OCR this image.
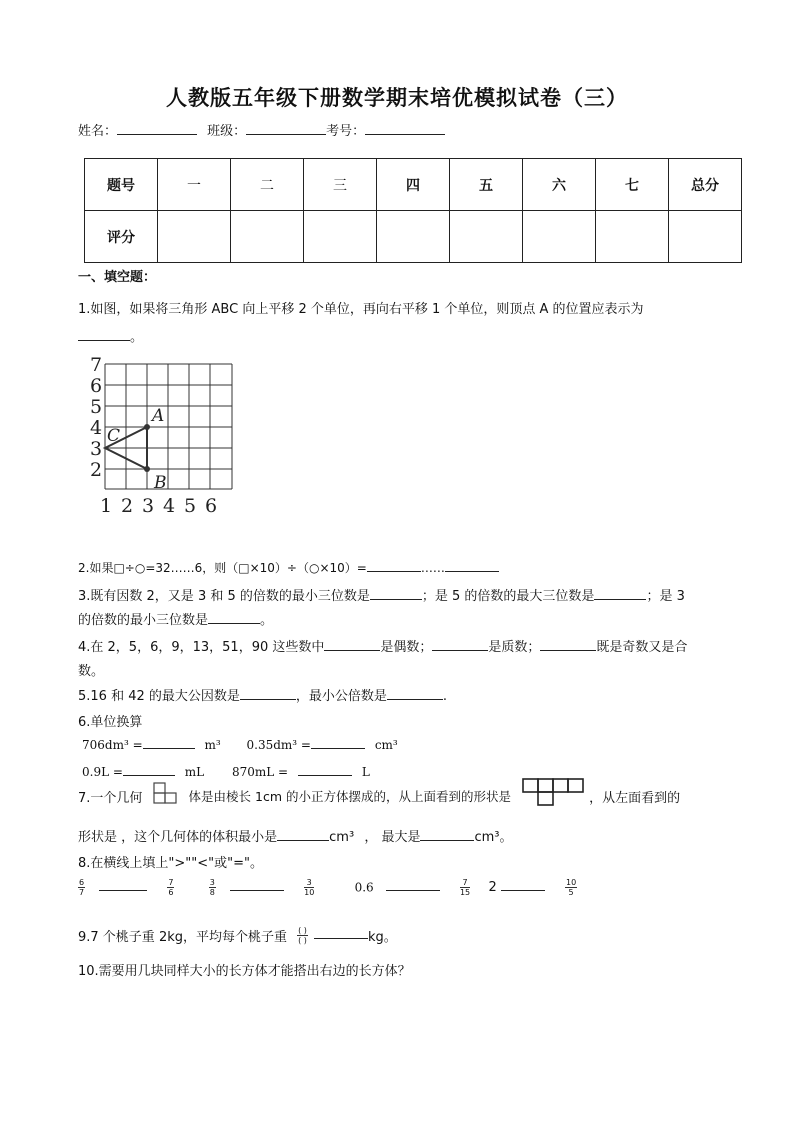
人教版五年级下册数学期末培优模拟试卷（三）
姓名：	班级：	考号：
题号	一	二	三	四	五	六	七	总分
评分								
一、填空题：
1.如图，如果将三角形 ABC 向上平移 2 个单位，再向右平移 1 个单位，则顶点 A 的位置应表示为
。
7
6
5
4
3
2
1 2 3 4 5 6
A
B
C
2.如果□÷○=32……6，则（□×10）÷（○×10）=	……
3.既有因数 2，又是 3 和 5 的倍数的最小三位数是	；是 5 的倍数的最大三位数是	；是 3
的倍数的最小三位数是	。
4.在 2，5，6，9，13，51，90 这些数中	是偶数；	是质数；	既是奇数又是合
数。
5.16 和 42 的最大公因数是	，最小公倍数是	.
6.单位换算
706dm³ =	m³ 0.35dm³ =	cm³
0.9L =	mL 870mL =	L
7.一个几何	体是由棱长 1cm 的小正方体摆成的，从上面看到的形状是	，从左面看到的
形状是 ，这个几何体的体积最小是	cm³ ， 最大是	cm³。
8.在横线上填上">""<"或"="。
$\frac{6}{7}$
	$\frac{7}{6}$
	$\frac{3}{8}$
	$\frac{3}{10}$	0.6	$\frac{7}{15} 2$	$\frac{10}{5}$
9.7 个桃子重 2kg，平均每个桃子重 $\frac{( )}{( )}$	kg。
10.需要用几块同样大小的长方体才能搭出右边的长方体？
